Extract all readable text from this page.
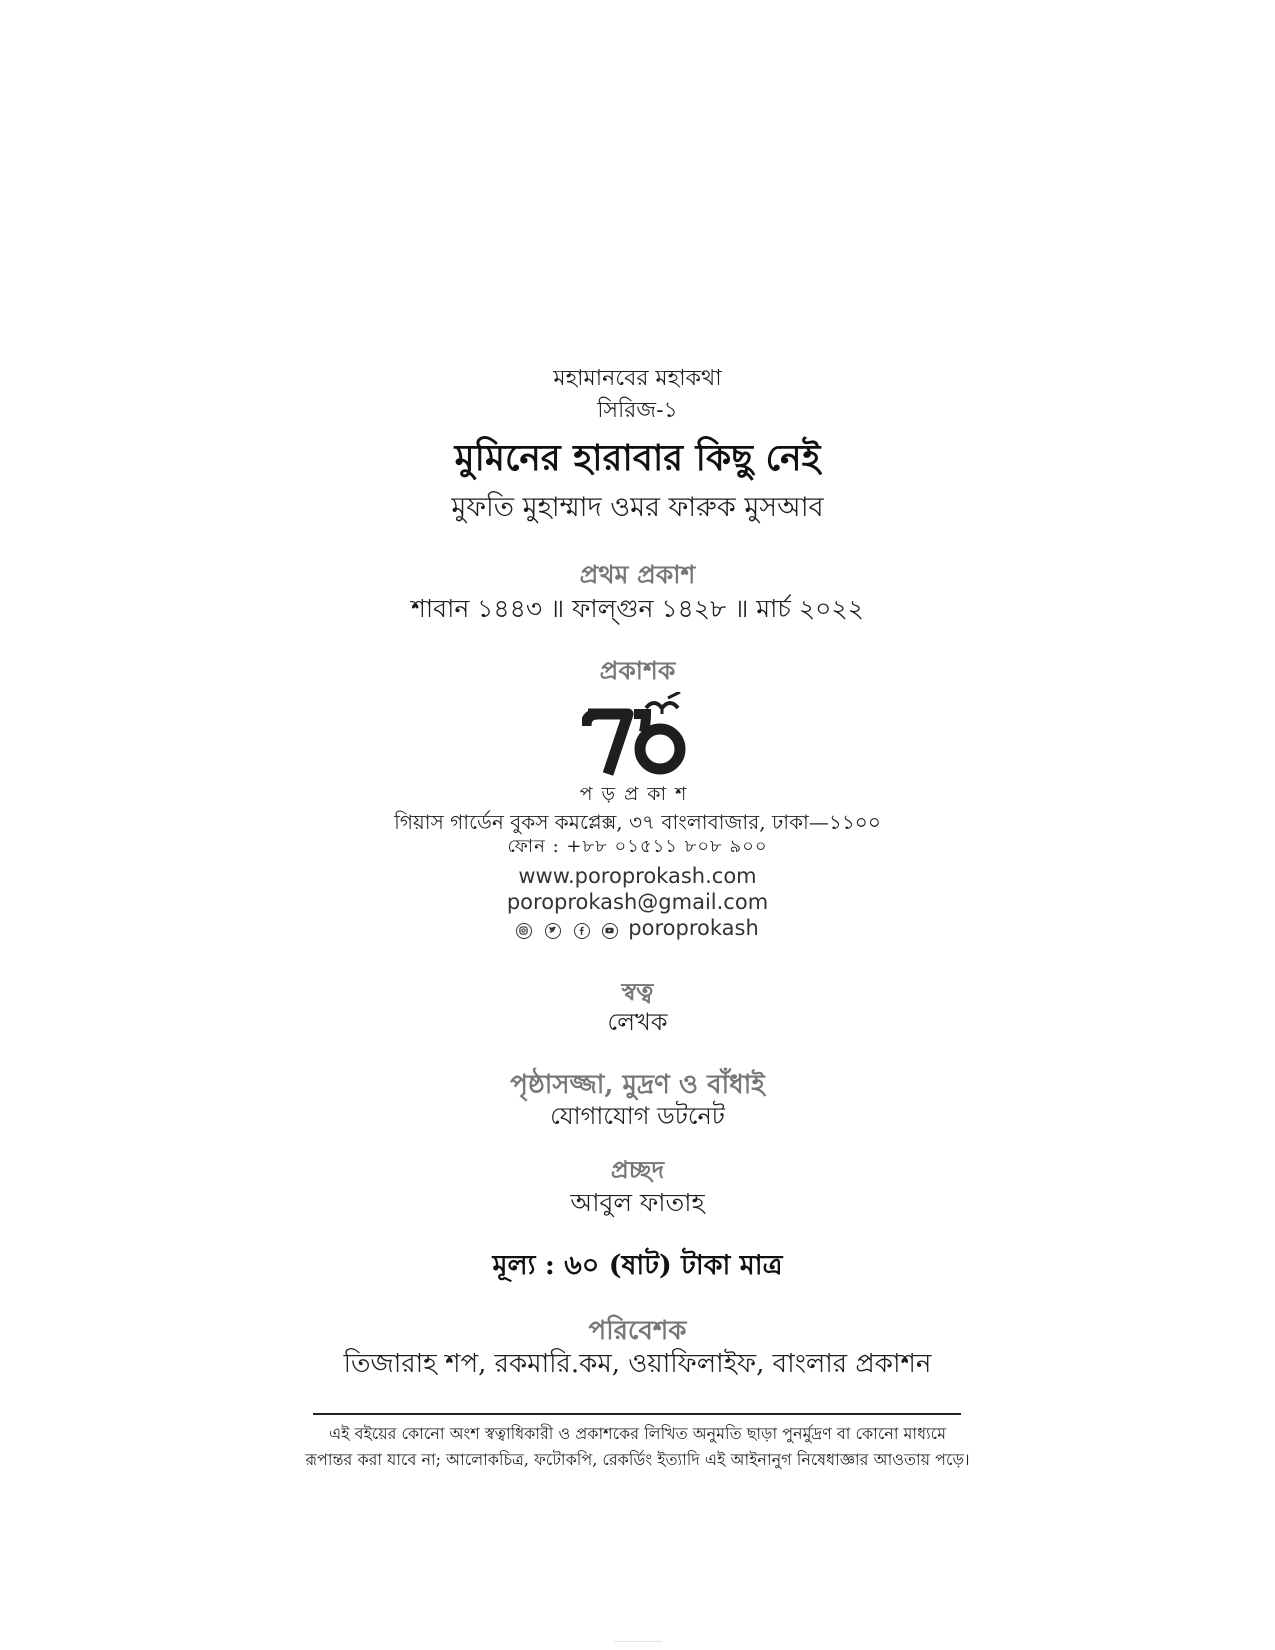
মহামানবের মহাকথা
সিরিজ-১
মুমিনের হারাবার কিছু নেই
মুফতি মুহাম্মাদ ওমর ফারুক মুসআব
প্রথম প্রকাশ
শাবান ১৪৪৩ ॥ ফাল্গুন ১৪২৮ ॥ মার্চ ২০২২
প্রকাশক
পড়প্রকাশ
গিয়াস গার্ডেন বুকস কমপ্লেক্স, ৩৭ বাংলাবাজার, ঢাকা—১১০০
ফোন : +৮৮ ০১৫১১ ৮০৮ ৯০০
www.poroprokash.com
poroprokash@gmail.com

poroprokash
স্বত্ব
লেখক
পৃষ্ঠাসজ্জা, মুদ্রণ ও বাঁধাই
যোগাযোগ ডটনেট
প্রচ্ছদ
আবুল ফাতাহ
মূল্য : ৬০ (ষাট) টাকা মাত্র
পরিবেশক
তিজারাহ শপ, রকমারি.কম, ওয়াফিলাইফ, বাংলার প্রকাশন
এই বইয়ের কোনো অংশ স্বত্বাধিকারী ও প্রকাশকের লিখিত অনুমতি ছাড়া পুনর্মুদ্রণ বা কোনো মাধ্যমে
রূপান্তর করা যাবে না; আলোকচিত্র, ফটোকপি, রেকর্ডিং ইত্যাদি এই আইনানুগ নিষেধাজ্ঞার আওতায় পড়ে।
